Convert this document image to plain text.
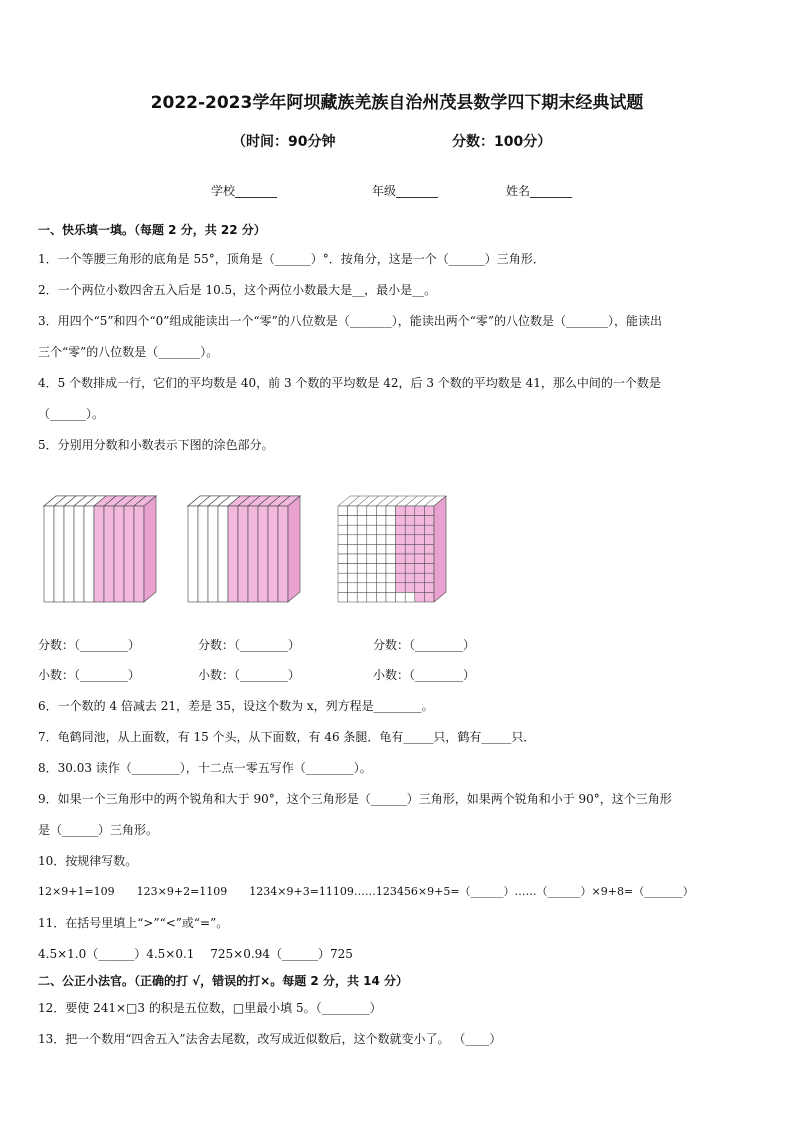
2022-2023学年阿坝藏族羌族自治州茂县数学四下期末经典试题
（时间：90分钟	分数：100分）
学校_______	年级_______	姓名_______
一、快乐填一填。（每题 2 分，共 22 分）
1．一个等腰三角形的底角是 55°，顶角是（______）°．按角分，这是一个（______）三角形．
2．一个两位小数四舍五入后是 10.5，这个两位小数最大是__，最小是__。
3．用四个“5”和四个“0”组成能读出一个“零”的八位数是（_______），能读出两个“零”的八位数是（_______），能读出
三个“零”的八位数是（_______）。
4．5 个数排成一行，它们的平均数是 40，前 3 个数的平均数是 42，后 3 个数的平均数是 41，那么中间的一个数是
（______）。
5．分别用分数和小数表示下图的涂色部分。
分数：（________）	分数：（________）	分数：（________）
小数：（________）	小数：（________）	小数：（________）
6．一个数的 4 倍减去 21，差是 35，设这个数为 x，列方程是________。
7．龟鹤同池，从上面数，有 15 个头，从下面数，有 46 条腿．龟有_____只，鹤有_____只．
8．30.03 读作（________），十二点一零五写作（________）。
9．如果一个三角形中的两个锐角和大于 90°，这个三角形是（______）三角形，如果两个锐角和小于 90°，这个三角形
是（______）三角形。
10．按规律写数。
12×9+1=109　　123×9+2=1109　　1234×9+3=11109……123456×9+5=（______）……（______）×9+8=（_______）
11．在括号里填上“>”“<”或“=”。
4.5×1.0（______）4.5×0.1　 725×0.94（______）725
二、公正小法官。（正确的打 √，错误的打×。每题 2 分，共 14 分）
12．要使 241×□3 的积是五位数，□里最小填 5。（________）
13．把一个数用“四舍五入”法舍去尾数，改写成近似数后，这个数就变小了。 （____）
